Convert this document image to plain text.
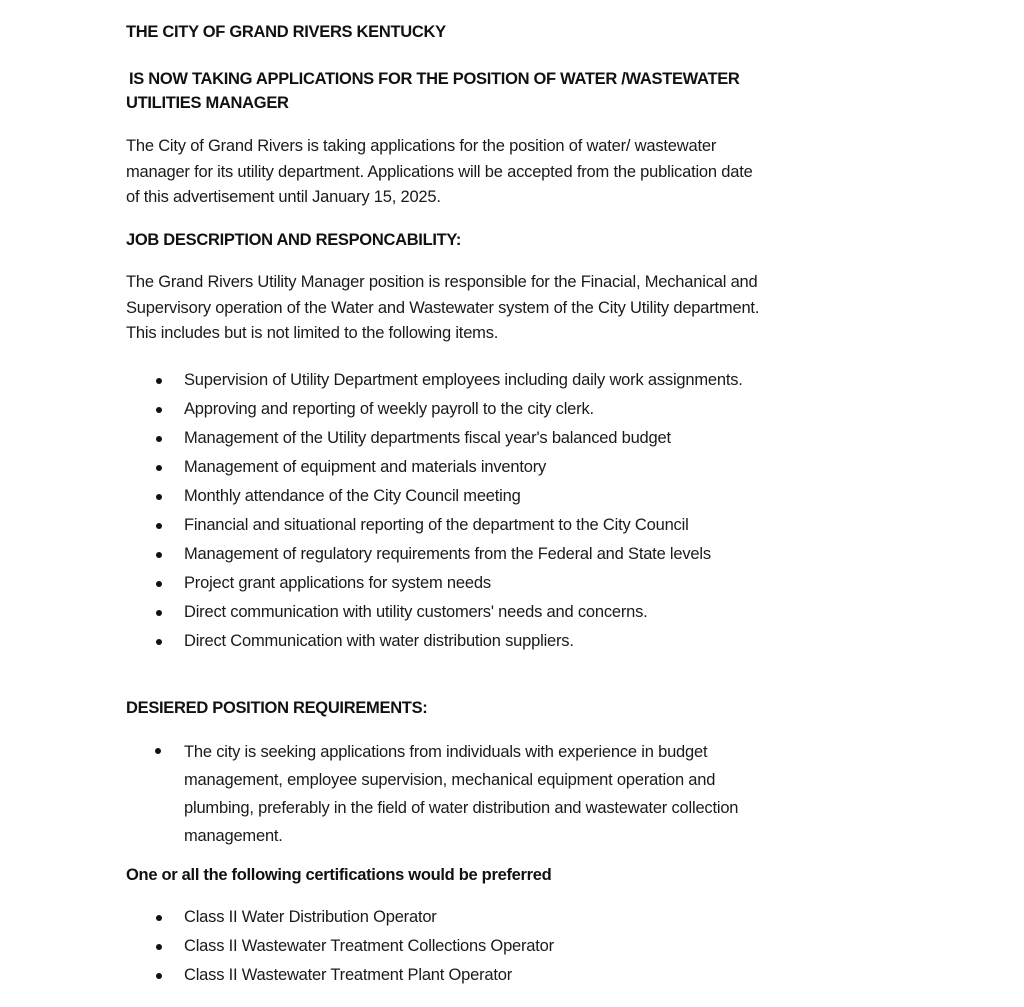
THE CITY OF GRAND RIVERS KENTUCKY
IS NOW TAKING APPLICATIONS FOR THE POSITION OF WATER /WASTEWATER
UTILITIES MANAGER
The City of Grand Rivers is taking applications for the position of water/ wastewater
manager for its utility department. Applications will be accepted from the publication date
of this advertisement until January 15, 2025.
JOB DESCRIPTION AND RESPONCABILITY:
The Grand Rivers Utility Manager position is responsible for the Finacial, Mechanical and
Supervisory operation of the Water and Wastewater system of the City Utility department.
This includes but is not limited to the following items.
Supervision of Utility Department employees including daily work assignments.
Approving and reporting of weekly payroll to the city clerk.
Management of the Utility departments fiscal year's balanced budget
Management of equipment and materials inventory
Monthly attendance of the City Council meeting
Financial and situational reporting of the department to the City Council
Management of regulatory requirements from the Federal and State levels
Project grant applications for system needs
Direct communication with utility customers' needs and concerns.
Direct Communication with water distribution suppliers.
DESIERED POSITION REQUIREMENTS:
The city is seeking applications from individuals with experience in budget
management, employee supervision, mechanical equipment operation and
plumbing, preferably in the field of water distribution and wastewater collection
management.
One or all the following certifications would be preferred
Class II Water Distribution Operator
Class II Wastewater Treatment Collections Operator
Class II Wastewater Treatment Plant Operator
